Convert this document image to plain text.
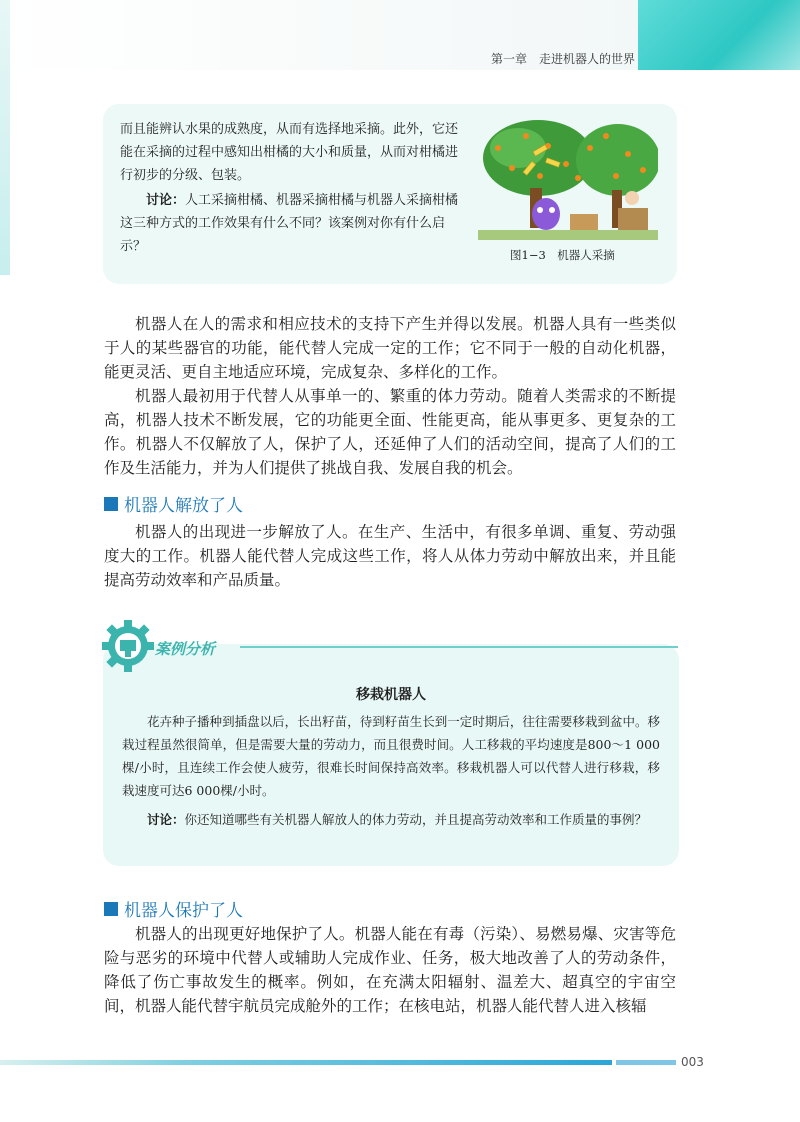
第一章　走进机器人的世界

而且能辨认水果的成熟度，从而有选择地采摘。此外，它还能在采摘的过程中感知出柑橘的大小和质量，从而对柑橘进行初步的分级、包装。

讨论：人工采摘柑橘、机器采摘柑橘与机器人采摘柑橘这三种方式的工作效果有什么不同？该案例对你有什么启示？

图1−3　机器人采摘

机器人在人的需求和相应技术的支持下产生并得以发展。机器人具有一些类似于人的某些器官的功能，能代替人完成一定的工作；它不同于一般的自动化机器，能更灵活、更自主地适应环境，完成复杂、多样化的工作。

机器人最初用于代替人从事单一的、繁重的体力劳动。随着人类需求的不断提高，机器人技术不断发展，它的功能更全面、性能更高，能从事更多、更复杂的工作。机器人不仅解放了人，保护了人，还延伸了人们的活动空间，提高了人们的工作及生活能力，并为人们提供了挑战自我、发展自我的机会。

机器人解放了人

机器人的出现进一步解放了人。在生产、生活中，有很多单调、重复、劳动强度大的工作。机器人能代替人完成这些工作，将人从体力劳动中解放出来，并且能提高劳动效率和产品质量。

案例分析
移栽机器人

花卉种子播种到插盘以后，长出籽苗，待到籽苗生长到一定时期后，往往需要移栽到盆中。移栽过程虽然很简单，但是需要大量的劳动力，而且很费时间。人工移栽的平均速度是800～1 000 棵/小时，且连续工作会使人疲劳，很难长时间保持高效率。移栽机器人可以代替人进行移栽，移栽速度可达6 000棵/小时。

讨论：你还知道哪些有关机器人解放人的体力劳动，并且提高劳动效率和工作质量的事例？

机器人保护了人

机器人的出现更好地保护了人。机器人能在有毒（污染）、易燃易爆、灾害等危险与恶劣的环境中代替人或辅助人完成作业、任务，极大地改善了人的劳动条件，降低了伤亡事故发生的概率。例如，在充满太阳辐射、温差大、超真空的宇宙空间，机器人能代替宇航员完成舱外的工作；在核电站，机器人能代替人进入核辐

003
